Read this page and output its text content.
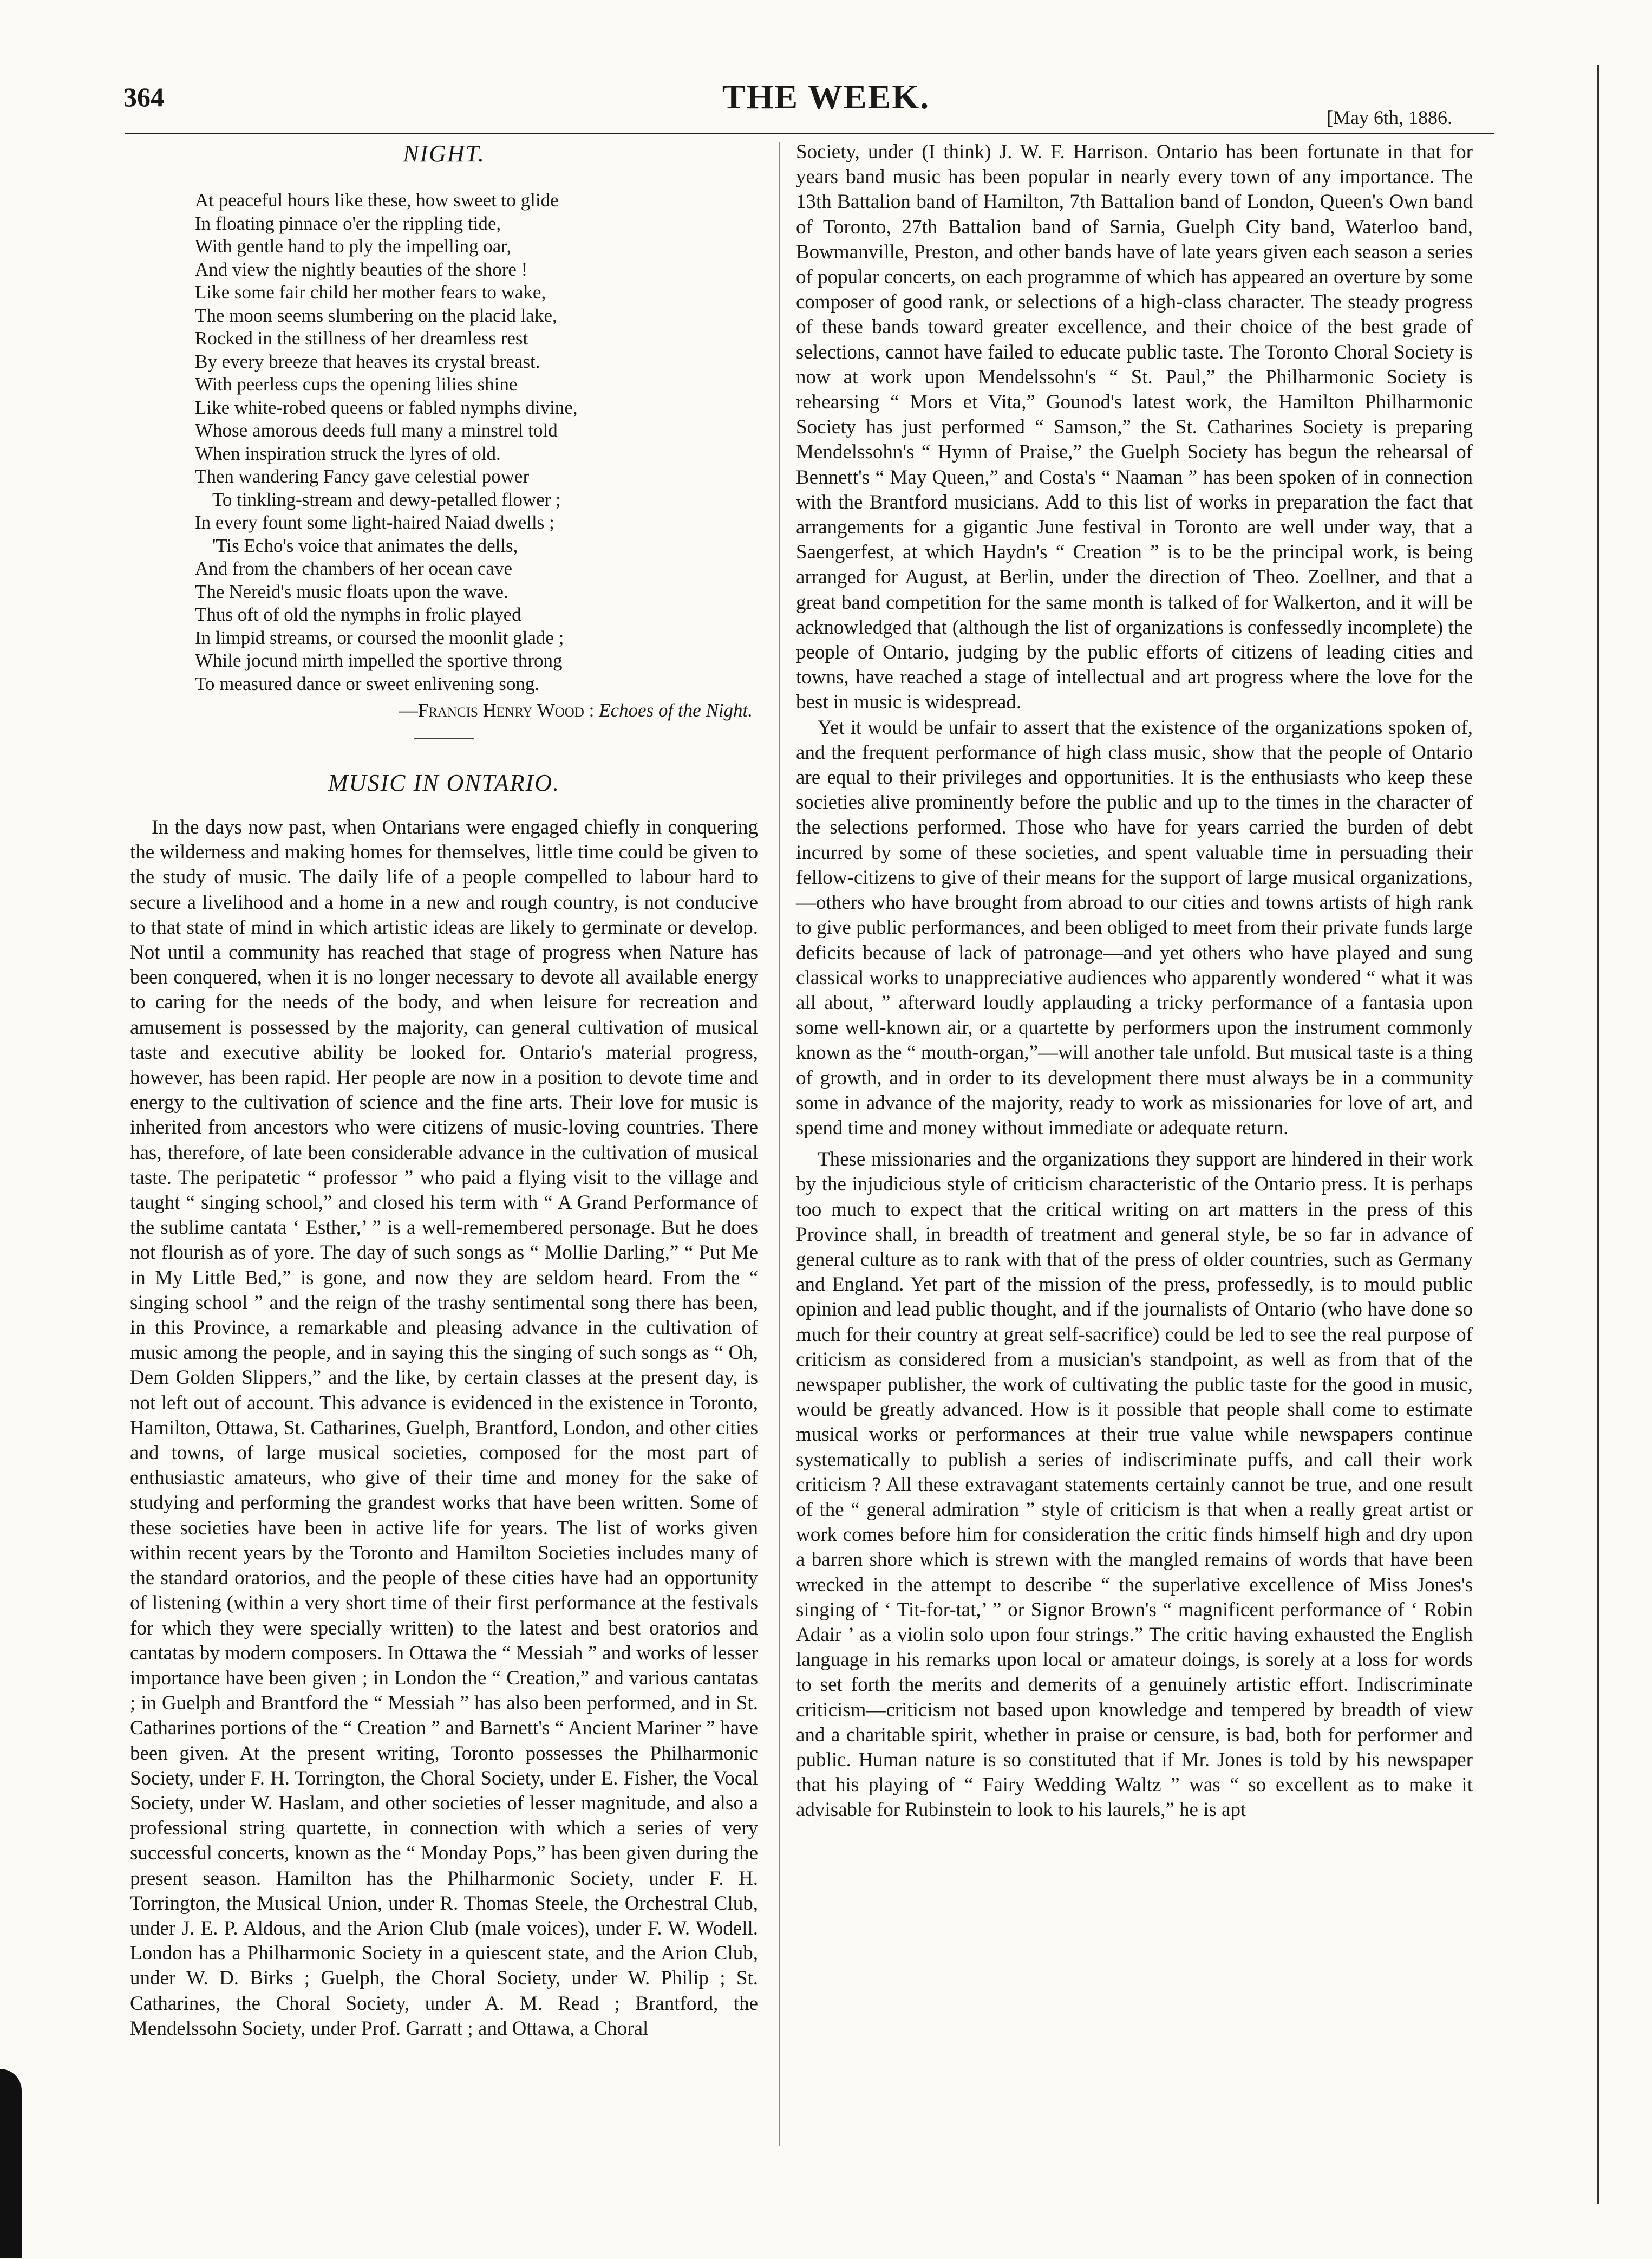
364	THE WEEK.
[May 6th, 1886.
NIGHT.
At peaceful hours like these, how sweet to glide
In floating pinnace o'er the rippling tide,
With gentle hand to ply the impelling oar,
And view the nightly beauties of the shore !
Like some fair child her mother fears to wake,
The moon seems slumbering on the placid lake,
Rocked in the stillness of her dreamless rest
By every breeze that heaves its crystal breast.
With peerless cups the opening lilies shine
Like white-robed queens or fabled nymphs divine,
Whose amorous deeds full many a minstrel told
When inspiration struck the lyres of old.
Then wandering Fancy gave celestial power
To tinkling-stream and dewy-petalled flower ;
In every fount some light-haired Naiad dwells ;
'Tis Echo's voice that animates the dells,
And from the chambers of her ocean cave
The Nereid's music floats upon the wave.
Thus oft of old the nymphs in frolic played
In limpid streams, or coursed the moonlit glade ;
While jocund mirth impelled the sportive throng
To measured dance or sweet enlivening song.
—Francis Henry Wood : Echoes of the Night.
MUSIC IN ONTARIO.

In the days now past, when Ontarians were engaged chiefly in conquering the wilderness and making homes for themselves, little time could be given to the study of music. The daily life of a people compelled to labour hard to secure a livelihood and a home in a new and rough country, is not conducive to that state of mind in which artistic ideas are likely to germinate or develop. Not until a community has reached that stage of progress when Nature has been conquered, when it is no longer necessary to devote all available energy to caring for the needs of the body, and when leisure for recreation and amusement is possessed by the majority, can general cultivation of musical taste and executive ability be looked for. Ontario's material progress, however, has been rapid. Her people are now in a position to devote time and energy to the cultivation of science and the fine arts. Their love for music is inherited from ancestors who were citizens of music-loving countries. There has, therefore, of late been considerable advance in the cultivation of musical taste. The peripatetic “ professor ” who paid a flying visit to the village and taught “ singing school,” and closed his term with “ A Grand Performance of the sublime cantata ‘ Esther,’ ” is a well-remembered personage. But he does not flourish as of yore. The day of such songs as “ Mollie Darling,” “ Put Me in My Little Bed,” is gone, and now they are seldom heard. From the “ singing school ” and the reign of the trashy sentimental song there has been, in this Province, a remarkable and pleasing advance in the cultivation of music among the people, and in saying this the singing of such songs as “ Oh, Dem Golden Slippers,” and the like, by certain classes at the present day, is not left out of account. This advance is evidenced in the existence in Toronto, Hamilton, Ottawa, St. Catharines, Guelph, Brantford, London, and other cities and towns, of large musical societies, composed for the most part of enthusiastic amateurs, who give of their time and money for the sake of studying and performing the grandest works that have been written. Some of these societies have been in active life for years. The list of works given within recent years by the Toronto and Hamilton Societies includes many of the standard oratorios, and the people of these cities have had an opportunity of listening (within a very short time of their first performance at the festivals for which they were specially written) to the latest and best oratorios and cantatas by modern composers. In Ottawa the “ Messiah ” and works of lesser importance have been given ; in London the “ Creation,” and various cantatas ; in Guelph and Brantford the “ Messiah ” has also been performed, and in St. Catharines portions of the “ Creation ” and Barnett's “ Ancient Mariner ” have been given. At the present writing, Toronto possesses the Philharmonic Society, under F. H. Torrington, the Choral Society, under E. Fisher, the Vocal Society, under W. Haslam, and other societies of lesser magnitude, and also a professional string quartette, in connection with which a series of very successful concerts, known as the “ Monday Pops,” has been given during the present season. Hamilton has the Philharmonic Society, under F. H. Torrington, the Musical Union, under R. Thomas Steele, the Orchestral Club, under J. E. P. Aldous, and the Arion Club (male voices), under F. W. Wodell. London has a Philharmonic Society in a quiescent state, and the Arion Club, under W. D. Birks ; Guelph, the Choral Society, under W. Philip ; St. Catharines, the Choral Society, under A. M. Read ; Brantford, the Mendelssohn Society, under Prof. Garratt ; and Ottawa, a Choral

Society, under (I think) J. W. F. Harrison. Ontario has been fortunate in that for years band music has been popular in nearly every town of any importance. The 13th Battalion band of Hamilton, 7th Battalion band of London, Queen's Own band of Toronto, 27th Battalion band of Sarnia, Guelph City band, Waterloo band, Bowmanville, Preston, and other bands have of late years given each season a series of popular concerts, on each programme of which has appeared an overture by some composer of good rank, or selections of a high-class character. The steady progress of these bands toward greater excellence, and their choice of the best grade of selections, cannot have failed to educate public taste. The Toronto Choral Society is now at work upon Mendelssohn's “ St. Paul,” the Philharmonic Society is rehearsing “ Mors et Vita,” Gounod's latest work, the Hamilton Philharmonic Society has just performed “ Samson,” the St. Catharines Society is preparing Mendelssohn's “ Hymn of Praise,” the Guelph Society has begun the rehearsal of Bennett's “ May Queen,” and Costa's “ Naaman ” has been spoken of in connection with the Brantford musicians. Add to this list of works in preparation the fact that arrangements for a gigantic June festival in Toronto are well under way, that a Saengerfest, at which Haydn's “ Creation ” is to be the principal work, is being arranged for August, at Berlin, under the direction of Theo. Zoellner, and that a great band competition for the same month is talked of for Walkerton, and it will be acknowledged that (although the list of organizations is confessedly incomplete) the people of Ontario, judging by the public efforts of citizens of leading cities and towns, have reached a stage of intellectual and art progress where the love for the best in music is widespread.

Yet it would be unfair to assert that the existence of the organizations spoken of, and the frequent performance of high class music, show that the people of Ontario are equal to their privileges and opportunities. It is the enthusiasts who keep these societies alive prominently before the public and up to the times in the character of the selections performed. Those who have for years carried the burden of debt incurred by some of these societies, and spent valuable time in persuading their fellow-citizens to give of their means for the support of large musical organizations,—others who have brought from abroad to our cities and towns artists of high rank to give public performances, and been obliged to meet from their private funds large deficits because of lack of patronage—and yet others who have played and sung classical works to unappreciative audiences who apparently wondered “ what it was all about, ” afterward loudly applauding a tricky performance of a fantasia upon some well-known air, or a quartette by performers upon the instrument commonly known as the “ mouth-organ,”—will another tale unfold. But musical taste is a thing of growth, and in order to its development there must always be in a community some in advance of the majority, ready to work as missionaries for love of art, and spend time and money without immediate or adequate return.

These missionaries and the organizations they support are hindered in their work by the injudicious style of criticism characteristic of the Ontario press. It is perhaps too much to expect that the critical writing on art matters in the press of this Province shall, in breadth of treatment and general style, be so far in advance of general culture as to rank with that of the press of older countries, such as Germany and England. Yet part of the mission of the press, professedly, is to mould public opinion and lead public thought, and if the journalists of Ontario (who have done so much for their country at great self-sacrifice) could be led to see the real purpose of criticism as considered from a musician's standpoint, as well as from that of the newspaper publisher, the work of cultivating the public taste for the good in music, would be greatly advanced. How is it possible that people shall come to estimate musical works or performances at their true value while newspapers continue systematically to publish a series of indiscriminate puffs, and call their work criticism ? All these extravagant statements certainly cannot be true, and one result of the “ general admiration ” style of criticism is that when a really great artist or work comes before him for consideration the critic finds himself high and dry upon a barren shore which is strewn with the mangled remains of words that have been wrecked in the attempt to describe “ the superlative excellence of Miss Jones's singing of ‘ Tit-for-tat,’ ” or Signor Brown's “ magnificent performance of ‘ Robin Adair ’ as a violin solo upon four strings.” The critic having exhausted the English language in his remarks upon local or amateur doings, is sorely at a loss for words to set forth the merits and demerits of a genuinely artistic effort. Indiscriminate criticism—criticism not based upon knowledge and tempered by breadth of view and a charitable spirit, whether in praise or censure, is bad, both for performer and public. Human nature is so constituted that if Mr. Jones is told by his newspaper that his playing of “ Fairy Wedding Waltz ” was “ so excellent as to make it advisable for Rubinstein to look to his laurels,” he is apt
